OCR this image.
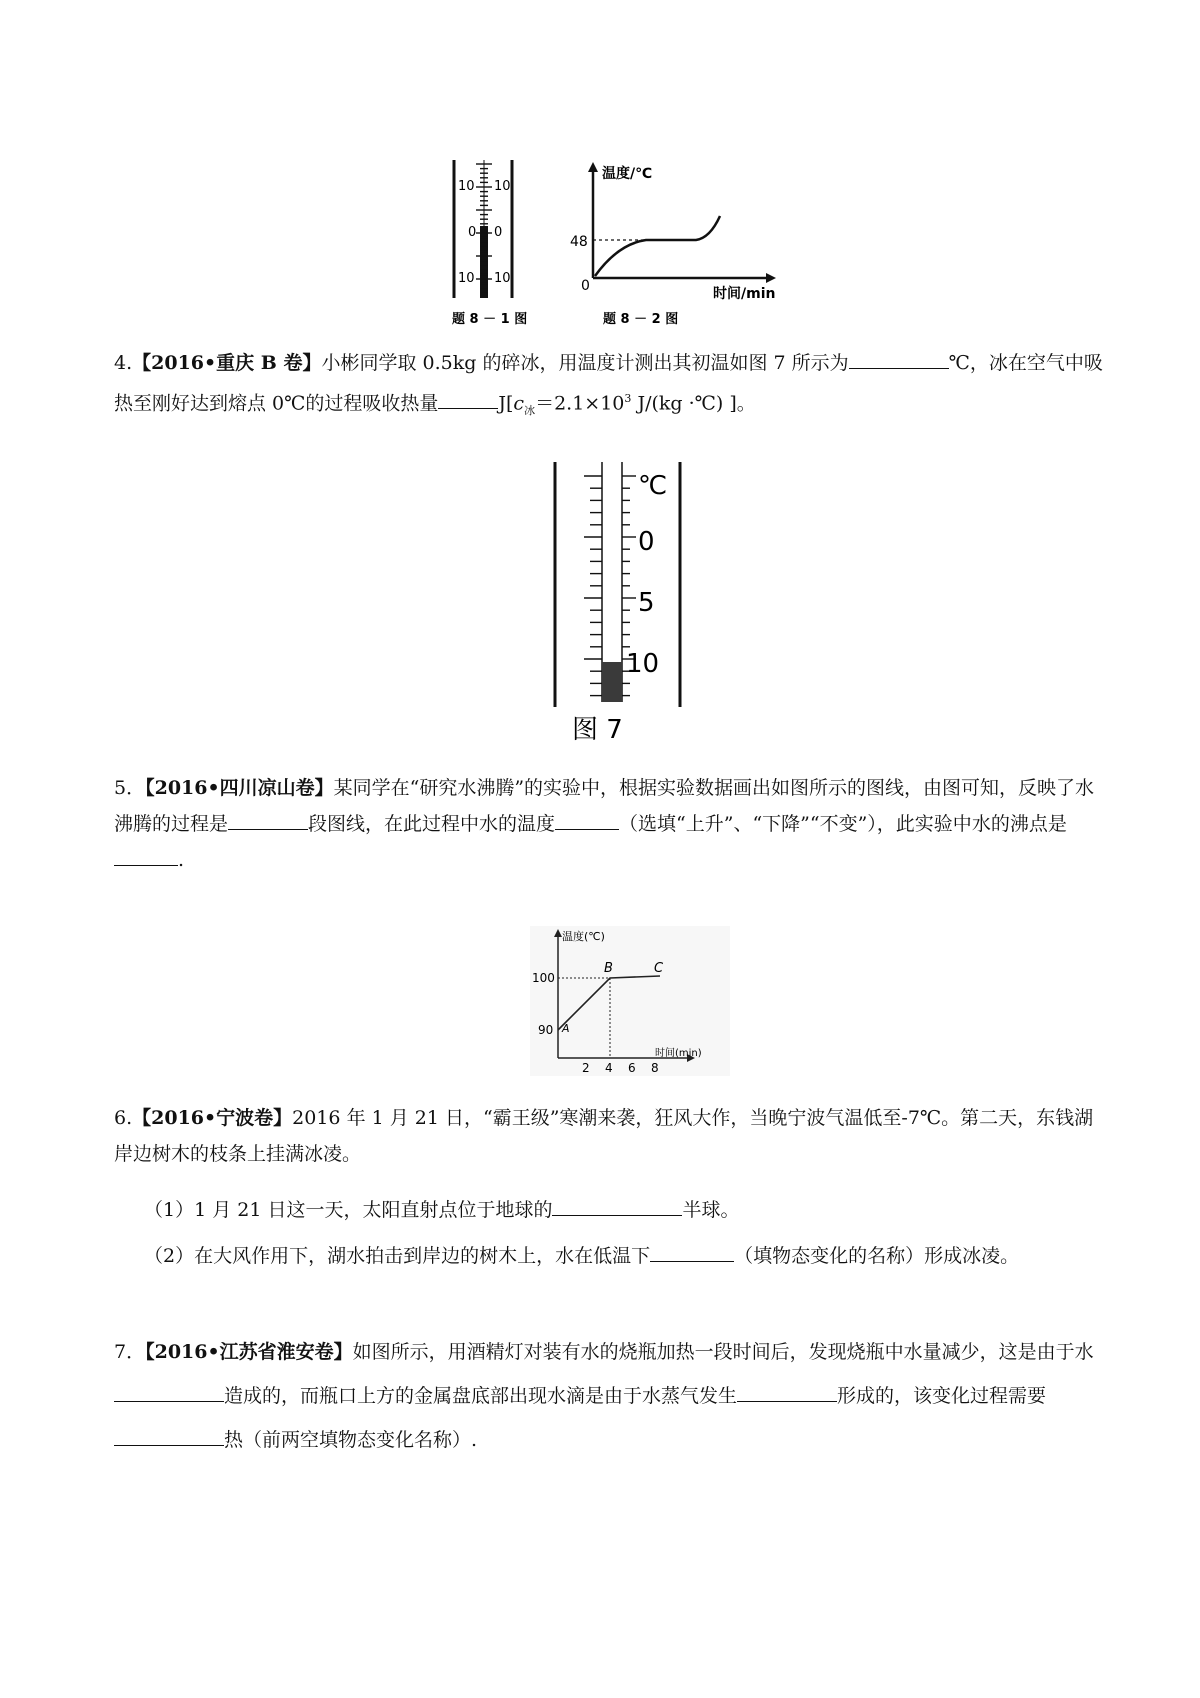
10 10
0 0
10 10
题 8 － 1 图
温度/℃
时间/min
48
0
题 8 － 2 图

4.【2016•重庆 B 卷】小彬同学取 0.5kg 的碎冰，用温度计测出其初温如图 7 所示为	℃，冰在空气中吸热至刚好达到熔点 0℃的过程吸收热量	$J[c_冰=2.1\times 10^3$ J/(kg ·℃) ]。

℃
0
5
10
图 7

5．【2016•四川凉山卷】某同学在“研究水沸腾”的实验中，根据实验数据画出如图所示的图线，由图可知，反映了水沸腾的过程是	段图线，在此过程中水的温度	（选填“上升”、“下降”“不变”），此实验中水的沸点是.

温度(℃)
时间(min)
100
90
2 4 6 8
A
B	C

6.【2016•宁波卷】2016 年 1 月 21 日，“霸王级”寒潮来袭，狂风大作，当晚宁波气温低至-7℃。第二天，东钱湖岸边树木的枝条上挂满冰凌。

（1）1 月 21 日这一天，太阳直射点位于地球的	半球。

（2）在大风作用下，湖水拍击到岸边的树木上，水在低温下	（填物态变化的名称）形成冰凌。

7．【2016•江苏省淮安卷】如图所示，用酒精灯对装有水的烧瓶加热一段时间后，发现烧瓶中水量减少，这是由于水造成的，而瓶口上方的金属盘底部出现水滴是由于水蒸气发生	形成的，该变化过程需要热（前两空填物态变化名称）.
